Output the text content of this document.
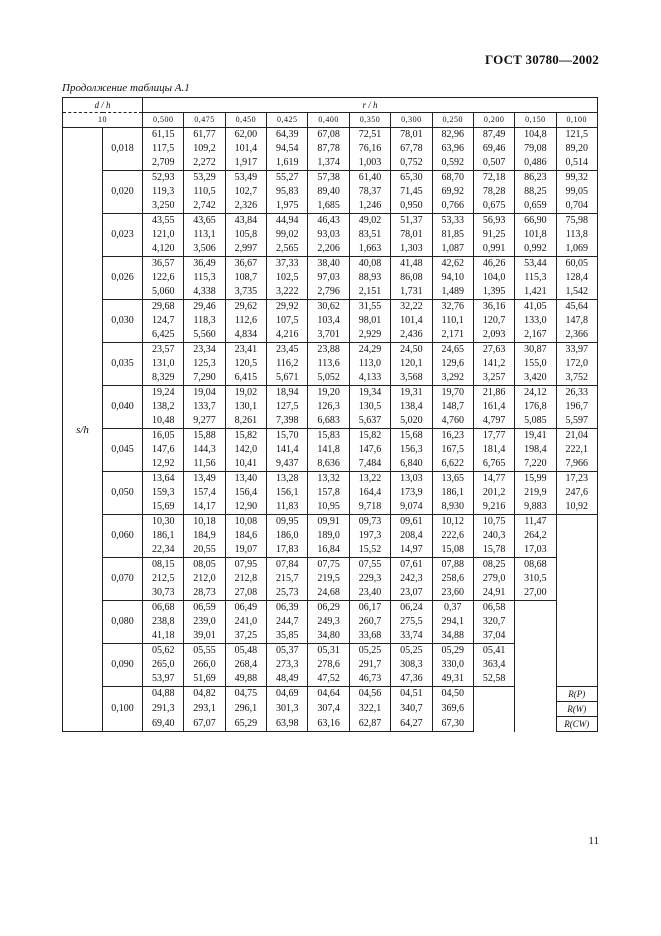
ГОСТ 30780—2002
Продолжение таблицы А.1
d / h		r / h										
10		0,500	0,475	0,450	0,425	0,400	0,350	0,300	0,250	0,200	0,150	0,100
s/h	0,018	61,15	61,77	62,00	64,39	67,08	72,51	78,01	82,96	87,49	104,8	121,5
		117,5	109,2	101,4	94,54	87,78	76,16	67,78	63,96	69,46	79,08	89,20
		2,709	2,272	1,917	1,619	1,374	1,003	0,752	0,592	0,507	0,486	0,514
	0,020	52,93	53,29	53,49	55,27	57,38	61,40	65,30	68,70	72,18	86,23	99,32
		119,3	110,5	102,7	95,83	89,40	78,37	71,45	69,92	78,28	88,25	99,05
		3,250	2,742	2,326	1,975	1,685	1,246	0,950	0,766	0,675	0,659	0,704
	0,023	43,55	43,65	43,84	44,94	46,43	49,02	51,37	53,33	56,93	66,90	75,98
		121,0	113,1	105,8	99,02	93,03	83,51	78,01	81,85	91,25	101,8	113,8
		4,120	3,506	2,997	2,565	2,206	1,663	1,303	1,087	0,991	0,992	1,069
	0,026	36,57	36,49	36,67	37,33	38,40	40,08	41,48	42,62	46,26	53,44	60,05
		122,6	115,3	108,7	102,5	97,03	88,93	86,08	94,10	104,0	115,3	128,4
		5,060	4,338	3,735	3,222	2,796	2,151	1,731	1,489	1,395	1,421	1,542
	0,030	29,68	29,46	29,62	29,92	30,62	31,55	32,22	32,76	36,16	41,05	45,64
		124,7	118,3	112,6	107,5	103,4	98,01	101,4	110,1	120,7	133,0	147,8
		6,425	5,560	4,834	4,216	3,701	2,929	2,436	2,171	2,093	2,167	2,366
	0,035	23,57	23,34	23,41	23,45	23,88	24,29	24,50	24,65	27,63	30,87	33,97
		131,0	125,3	120,5	116,2	113,6	113,0	120,1	129,6	141,2	155,0	172,0
		8,329	7,290	6,415	5,671	5,052	4,133	3,568	3,292	3,257	3,420	3,752
	0,040	19,24	19,04	19,02	18,94	19,20	19,34	19,31	19,70	21,86	24,12	26,33
		138,2	133,7	130,1	127,5	126,3	130,5	138,4	148,7	161,4	176,8	196,7
		10,48	9,277	8,261	7,398	6,683	5,637	5,020	4,760	4,797	5,085	5,597
	0,045	16,05	15,88	15,82	15,70	15,83	15,82	15,68	16,23	17,77	19,41	21,04
		147,6	144,3	142,0	141,4	141,8	147,6	156,3	167,5	181,4	198,4	222,1
		12,92	11,56	10,41	9,437	8,636	7,484	6,840	6,622	6,765	7,220	7,966
	0,050	13,64	13,49	13,40	13,28	13,32	13,22	13,03	13,65	14,77	15,99	17,23
		159,3	157,4	156,4	156,1	157,8	164,4	173,9	186,1	201,2	219,9	247,6
		15,69	14,17	12,90	11,83	10,95	9,718	9,074	8,930	9,216	9,883	10,92
	0,060	10,30	10,18	10,08	09,95	09,91	09,73	09,61	10,12	10,75	11,47	
		186,1	184,9	184,6	186,0	189,0	197,3	208,4	222,6	240,3	264,2	
		22,34	20,55	19,07	17,83	16,84	15,52	14,97	15,08	15,78	17,03	
	0,070	08,15	08,05	07,95	07,84	07,75	07,55	07,61	07,88	08,25	08,68	
		212,5	212,0	212,8	215,7	219,5	229,3	242,3	258,6	279,0	310,5	
		30,73	28,73	27,08	25,73	24,68	23,40	23,07	23,60	24,91	27,00	
	0,080	06,68	06,59	06,49	06,39	06,29	06,17	06,24	0,37	06,58		
		238,8	239,0	241,0	244,7	249,3	260,7	275,5	294,1	320,7		
		41,18	39,01	37,25	35,85	34,80	33,68	33,74	34,88	37,04		
	0,090	05,62	05,55	05,48	05,37	05,31	05,25	05,25	05,29	05,41		
		265,0	266,0	268,4	273,3	278,6	291,7	308,3	330,0	363,4		
		53,97	51,69	49,88	48,49	47,52	46,73	47,36	49,31	52,58		
	0,100	04,88	04,82	04,75	04,69	04,64	04,56	04,51	04,50			R(P)
		291,3	293,1	296,1	301,3	307,4	322,1	340,7	369,6			R(W)
		69,40	67,07	65,29	63,98	63,16	62,87	64,27	67,30			R(CW)
11
